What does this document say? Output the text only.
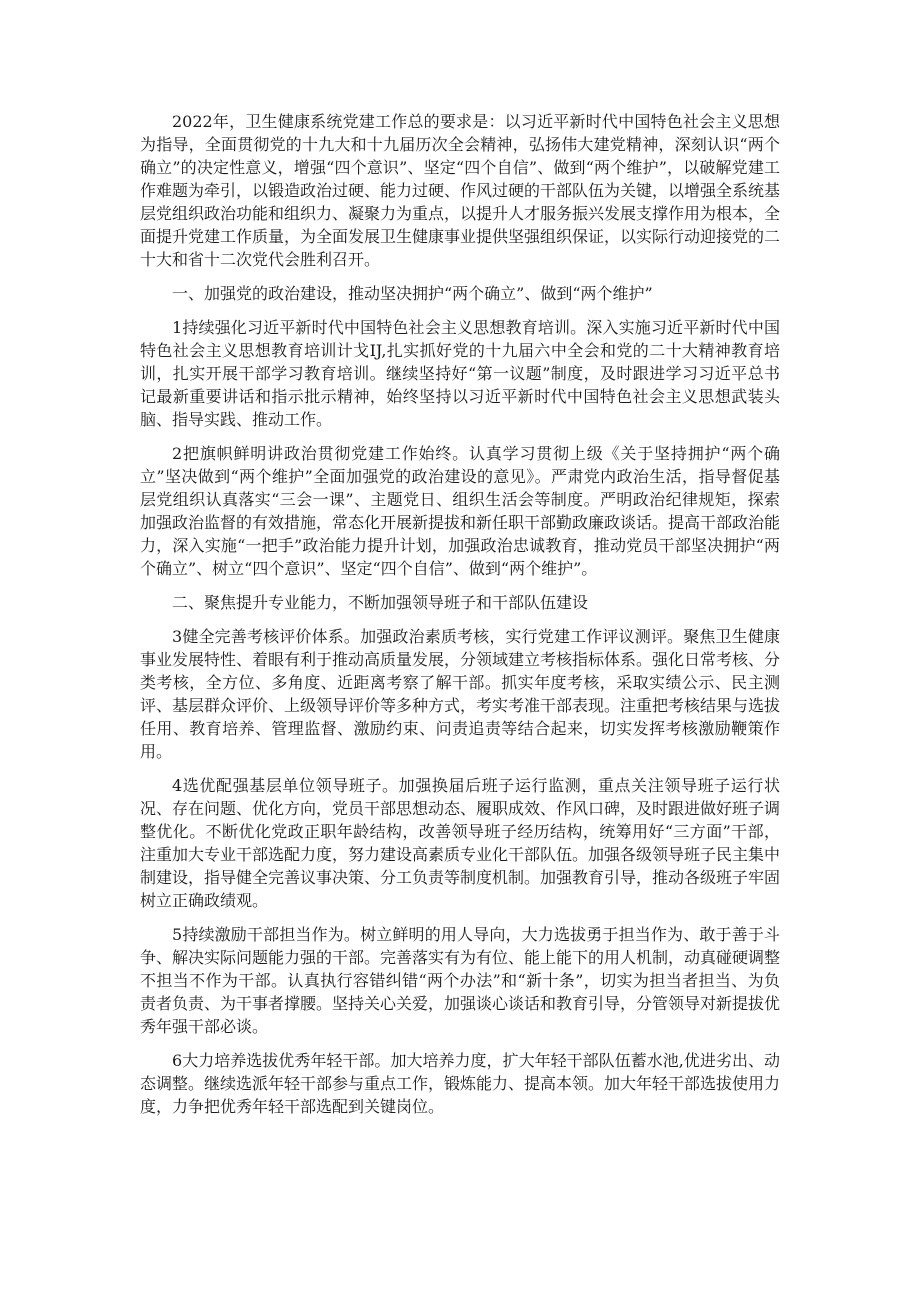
2022年，卫生健康系统党建工作总的要求是：以习近平新时代中国特色社会主义思想为指导，全面贯彻党的十九大和十九届历次全会精神，弘扬伟大建党精神，深刻认识“两个确立”的决定性意义，增强“四个意识”、坚定“四个自信”、做到“两个维护”，以破解党建工作难题为牵引，以锻造政治过硬、能力过硬、作风过硬的干部队伍为关键，以增强全系统基层党组织政治功能和组织力、凝聚力为重点，以提升人才服务振兴发展支撑作用为根本，全面提升党建工作质量，为全面发展卫生健康事业提供坚强组织保证，以实际行动迎接党的二十大和省十二次党代会胜利召开。

一、加强党的政治建设，推动坚决拥护“两个确立”、做到“两个维护”

1持续强化习近平新时代中国特色社会主义思想教育培训。深入实施习近平新时代中国特色社会主义思想教育培训计戈IJ,扎实抓好党的十九届六中全会和党的二十大精神教育培训，扎实开展干部学习教育培训。继续坚持好“第一议题”制度，及时跟进学习习近平总书记最新重要讲话和指示批示精神，始终坚持以习近平新时代中国特色社会主义思想武装头脑、指导实践、推动工作。

2把旗帜鲜明讲政治贯彻党建工作始终。认真学习贯彻上级《关于坚持拥护“两个确立”坚决做到“两个维护”全面加强党的政治建设的意见》。严肃党内政治生活，指导督促基层党组织认真落实“三会一课”、主题党日、组织生活会等制度。严明政治纪律规矩，探索加强政治监督的有效措施，常态化开展新提拔和新任职干部勤政廉政谈话。提高干部政治能力，深入实施“一把手”政治能力提升计划，加强政治忠诚教育，推动党员干部坚决拥护“两个确立”、树立“四个意识”、坚定“四个自信”、做到“两个维护”。

二、聚焦提升专业能力，不断加强领导班子和干部队伍建设

3健全完善考核评价体系。加强政治素质考核，实行党建工作评议测评。聚焦卫生健康事业发展特性、着眼有利于推动高质量发展，分领域建立考核指标体系。强化日常考核、分类考核，全方位、多角度、近距离考察了解干部。抓实年度考核，采取实绩公示、民主测评、基层群众评价、上级领导评价等多种方式，考实考准干部表现。注重把考核结果与选拔任用、教育培养、管理监督、激励约束、问责追责等结合起来，切实发挥考核激励鞭策作用。

4选优配强基层单位领导班子。加强换届后班子运行监测，重点关注领导班子运行状况、存在问题、优化方向，党员干部思想动态、履职成效、作风口碑，及时跟进做好班子调整优化。不断优化党政正职年龄结构，改善领导班子经历结构，统筹用好“三方面”干部，注重加大专业干部选配力度，努力建设高素质专业化干部队伍。加强各级领导班子民主集中制建设，指导健全完善议事决策、分工负责等制度机制。加强教育引导，推动各级班子牢固树立正确政绩观。

5持续激励干部担当作为。树立鲜明的用人导向，大力选拔勇于担当作为、敢于善于斗争、解决实际问题能力强的干部。完善落实有为有位、能上能下的用人机制，动真碰硬调整不担当不作为干部。认真执行容错纠错“两个办法”和“新十条”，切实为担当者担当、为负责者负责、为干事者撑腰。坚持关心关爱，加强谈心谈话和教育引导，分管领导对新提拔优秀年强干部必谈。

6大力培养选拔优秀年轻干部。加大培养力度，扩大年轻干部队伍蓄水池,优进劣出、动态调整。继续选派年轻干部参与重点工作，锻炼能力、提高本领。加大年轻干部选拔使用力度，力争把优秀年轻干部选配到关键岗位。
